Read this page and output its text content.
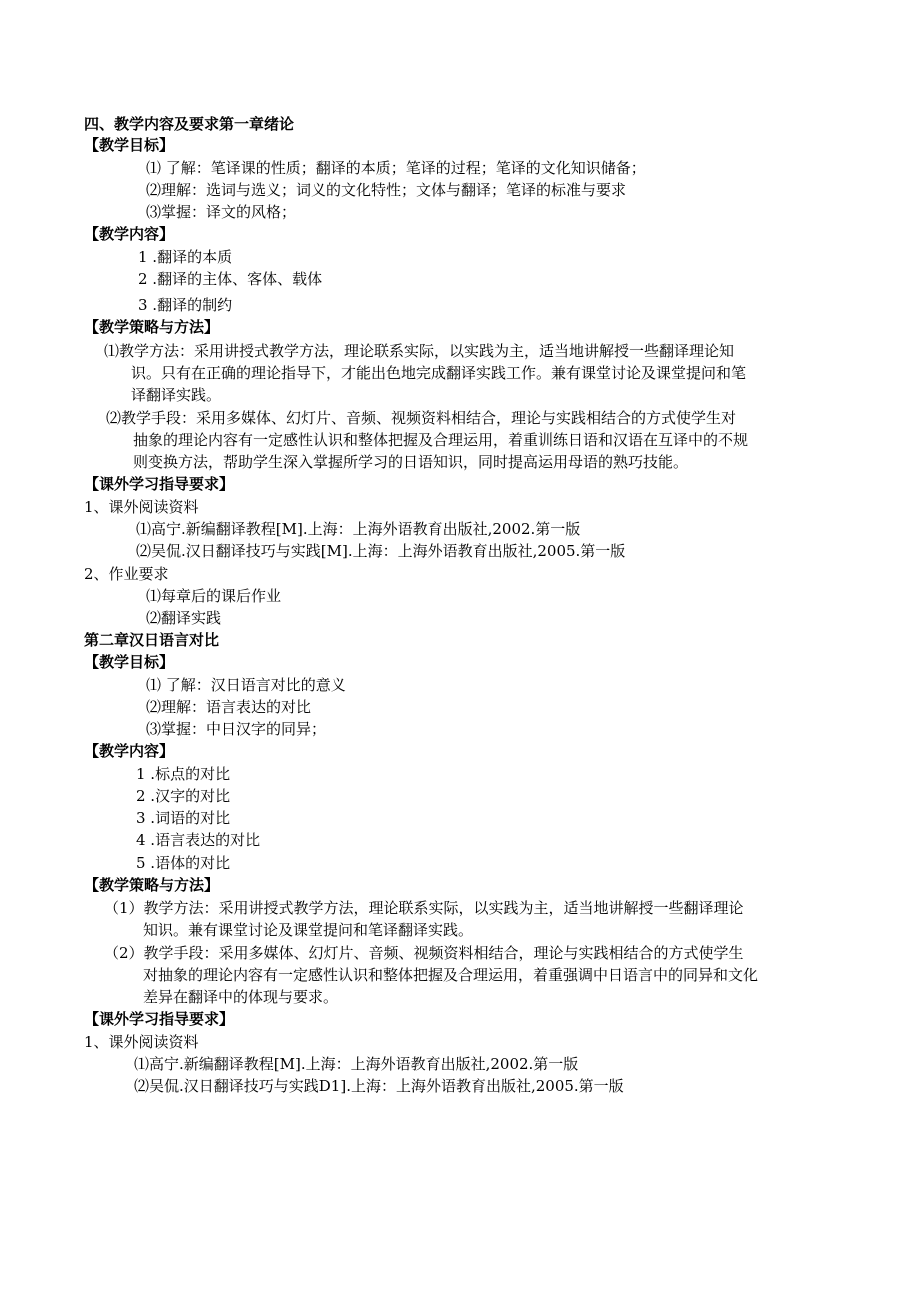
四、教学内容及要求第一章绪论
【教学目标】
⑴ 了解：笔译课的性质；翻译的本质；笔译的过程；笔译的文化知识储备；
⑵理解：选词与选义；词义的文化特性；文体与翻译；笔译的标准与要求
⑶掌握：译文的风格；
【教学内容】
1 .翻译的本质
2 .翻译的主体、客体、载体
3 .翻译的制约
【教学策略与方法】
⑴教学方法：采用讲授式教学方法，理论联系实际，以实践为主，适当地讲解授一些翻译理论知
识。只有在正确的理论指导下，才能出色地完成翻译实践工作。兼有课堂讨论及课堂提问和笔
译翻译实践。
⑵教学手段：采用多媒体、幻灯片、音频、视频资料相结合，理论与实践相结合的方式使学生对
抽象的理论内容有一定感性认识和整体把握及合理运用，着重训练日语和汉语在互译中的不规
则变换方法，帮助学生深入掌握所学习的日语知识，同时提高运用母语的熟巧技能。
【课外学习指导要求】
1、课外阅读资料
⑴高宁.新编翻译教程[M].上海：上海外语教育出版社,2002.第一版
⑵吴侃.汉日翻译技巧与实践[M].上海：上海外语教育出版社,2005.第一版
2、作业要求
⑴每章后的课后作业
⑵翻译实践
第二章汉日语言对比
【教学目标】
⑴ 了解：汉日语言对比的意义
⑵理解：语言表达的对比
⑶掌握：中日汉字的同异；
【教学内容】
1 .标点的对比
2 .汉字的对比
3 .词语的对比
4 .语言表达的对比
5 .语体的对比
【教学策略与方法】
（1）教学方法：采用讲授式教学方法，理论联系实际，以实践为主，适当地讲解授一些翻译理论
知识。兼有课堂讨论及课堂提问和笔译翻译实践。
（2）教学手段：采用多媒体、幻灯片、音频、视频资料相结合，理论与实践相结合的方式使学生
对抽象的理论内容有一定感性认识和整体把握及合理运用，着重强调中日语言中的同异和文化
差异在翻译中的体现与要求。
【课外学习指导要求】
1、课外阅读资料
⑴高宁.新编翻译教程[M].上海：上海外语教育出版社,2002.第一版
⑵吴侃.汉日翻译技巧与实践D1].上海：上海外语教育出版社,2005.第一版
